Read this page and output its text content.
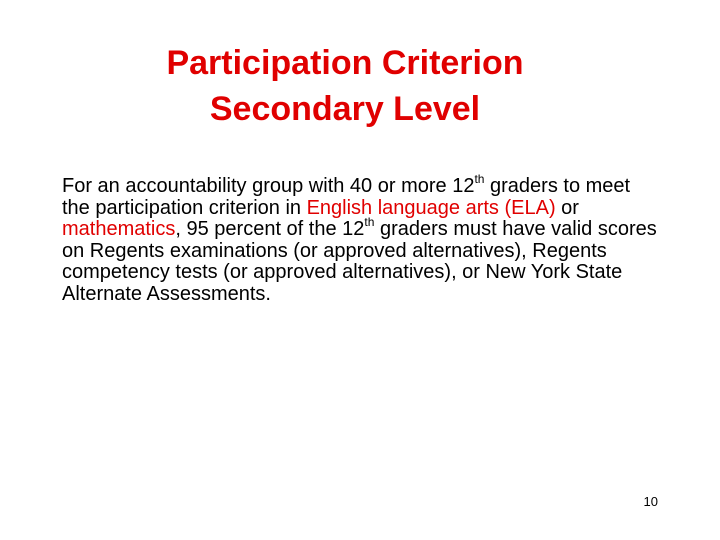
Participation Criterion
Secondary Level

For an accountability group with 40 or more 12th graders to meet the participation criterion in English language arts (ELA) or mathematics, 95 percent of the 12th graders must have valid scores on Regents examinations (or approved alternatives), Regents competency tests (or approved alternatives), or New York State Alternate Assessments.

10
